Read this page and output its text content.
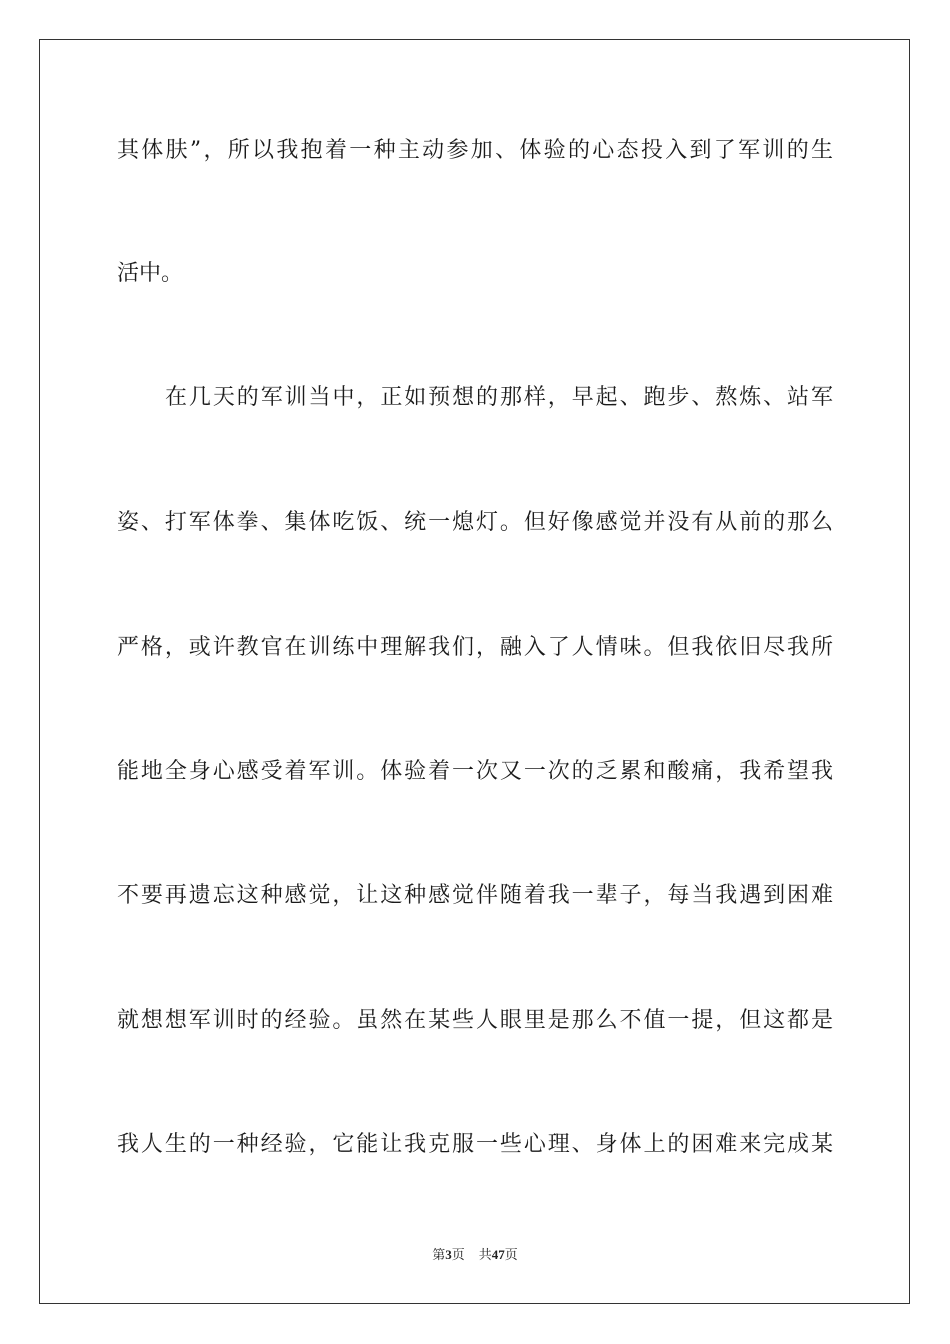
其体肤”，所以我抱着一种主动参加、体验的心态投入到了军训的生
活中。
在几天的军训当中，正如预想的那样，早起、跑步、熬炼、站军
姿、打军体拳、集体吃饭、统一熄灯。但好像感觉并没有从前的那么
严格，或许教官在训练中理解我们，融入了人情味。但我依旧尽我所
能地全身心感受着军训。体验着一次又一次的乏累和酸痛，我希望我
不要再遗忘这种感觉，让这种感觉伴随着我一辈子，每当我遇到困难
就想想军训时的经验。虽然在某些人眼里是那么不值一提，但这都是
我人生的一种经验，它能让我克服一些心理、身体上的困难来完成某
第3页 共47页
